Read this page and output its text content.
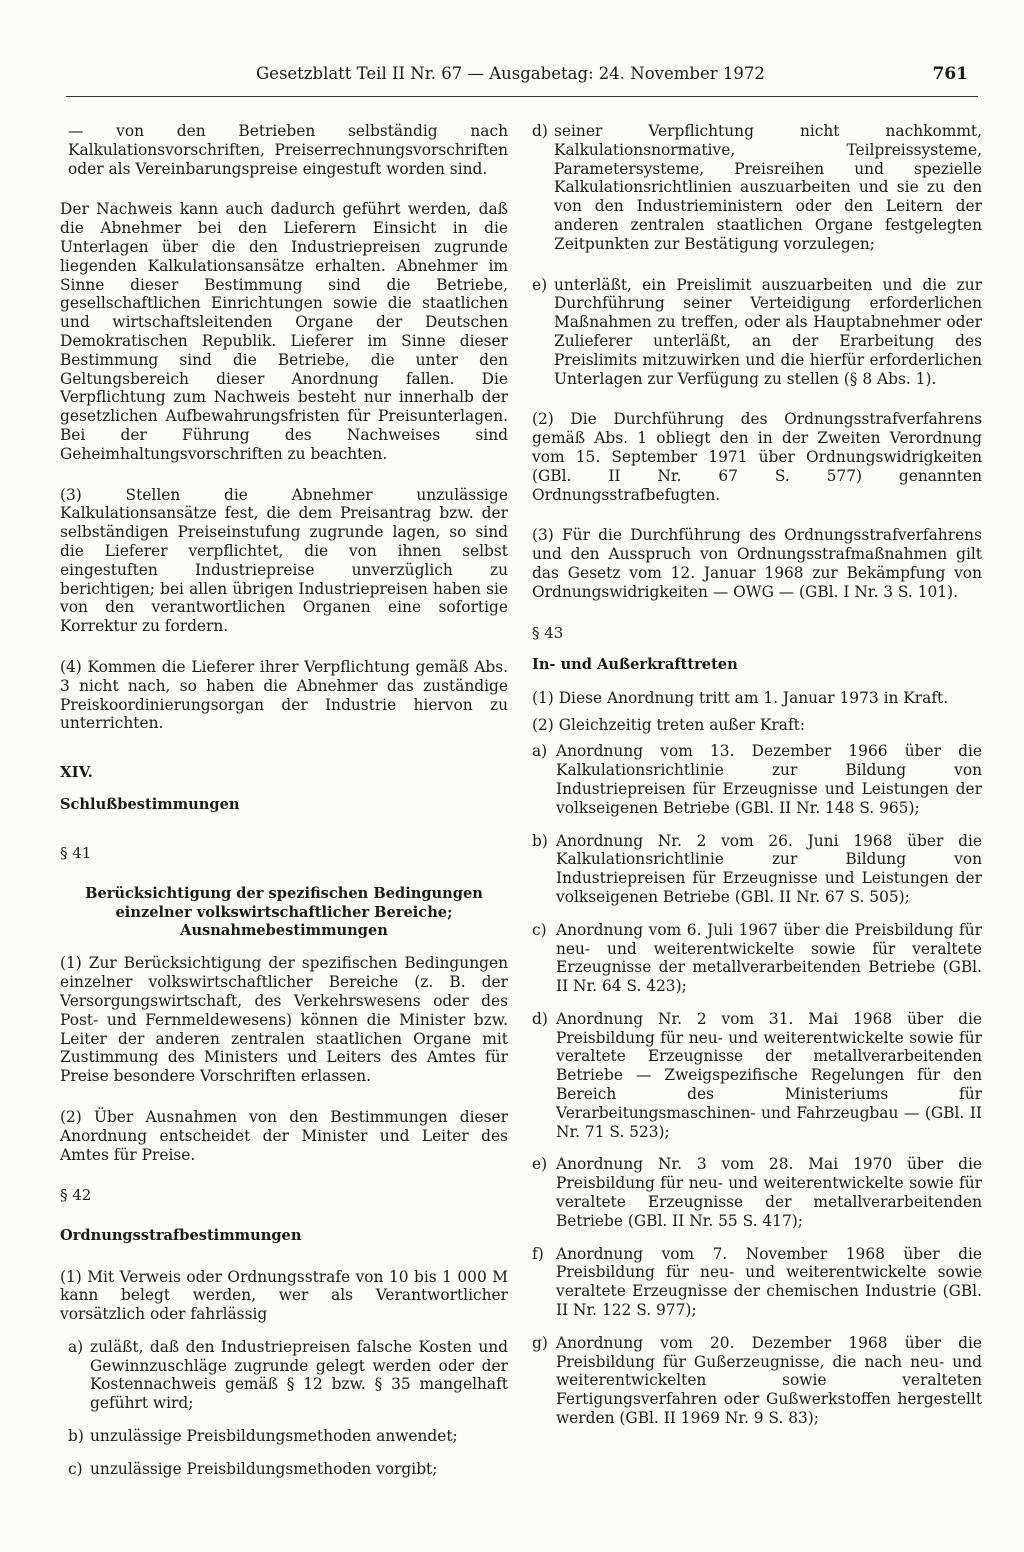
Gesetzblatt Teil II Nr. 67 — Ausgabetag: 24. November 1972	761

— von den Betrieben selbständig nach Kalkulationsvorschriften, Preiserrechnungsvorschriften oder als Vereinbarungspreise eingestuft worden sind.

Der Nachweis kann auch dadurch geführt werden, daß die Abnehmer bei den Lieferern Einsicht in die Unterlagen über die den Industriepreisen zugrunde liegenden Kalkulationsansätze erhalten. Abnehmer im Sinne dieser Bestimmung sind die Betriebe, gesellschaftlichen Einrichtungen sowie die staatlichen und wirtschaftsleitenden Organe der Deutschen Demokratischen Republik. Lieferer im Sinne dieser Bestimmung sind die Betriebe, die unter den Geltungsbereich dieser Anordnung fallen. Die Verpflichtung zum Nachweis besteht nur innerhalb der gesetzlichen Aufbewahrungsfristen für Preisunterlagen. Bei der Führung des Nachweises sind Geheimhaltungsvorschriften zu beachten.

(3) Stellen die Abnehmer unzulässige Kalkulationsansätze fest, die dem Preisantrag bzw. der selbständigen Preiseinstufung zugrunde lagen, so sind die Lieferer verpflichtet, die von ihnen selbst eingestuften Industriepreise unverzüglich zu berichtigen; bei allen übrigen Industriepreisen haben sie von den verantwortlichen Organen eine sofortige Korrektur zu fordern.

(4) Kommen die Lieferer ihrer Verpflichtung gemäß Abs. 3 nicht nach, so haben die Abnehmer das zuständige Preiskoordinierungsorgan der Industrie hiervon zu unterrichten.

XIV.

Schlußbestimmungen

§ 41

Berücksichtigung der spezifischen Bedingungen
einzelner volkswirtschaftlicher Bereiche;
Ausnahmebestimmungen

(1) Zur Berücksichtigung der spezifischen Bedingungen einzelner volkswirtschaftlicher Bereiche (z. B. der Versorgungswirtschaft, des Verkehrswesens oder des Post- und Fernmeldewesens) können die Minister bzw. Leiter der anderen zentralen staatlichen Organe mit Zustimmung des Ministers und Leiters des Amtes für Preise besondere Vorschriften erlassen.

(2) Über Ausnahmen von den Bestimmungen dieser Anordnung entscheidet der Minister und Leiter des Amtes für Preise.

§ 42

Ordnungsstrafbestimmungen

(1) Mit Verweis oder Ordnungsstrafe von 10 bis 1 000 M kann belegt werden, wer als Verantwortlicher vorsätzlich oder fahrlässig

a) zuläßt, daß den Industriepreisen falsche Kosten und Gewinnzuschläge zugrunde gelegt werden oder der Kostennachweis gemäß § 12 bzw. § 35 mangelhaft geführt wird;
b) unzulässige Preisbildungsmethoden anwendet;
c) unzulässige Preisbildungsmethoden vorgibt;
d) seiner Verpflichtung nicht nachkommt, Kalkulationsnormative, Teilpreissysteme, Parametersysteme, Preisreihen und spezielle Kalkulationsrichtlinien auszuarbeiten und sie zu den von den Industrieministern oder den Leitern der anderen zentralen staatlichen Organe festgelegten Zeitpunkten zur Bestätigung vorzulegen;
e) unterläßt, ein Preislimit auszuarbeiten und die zur Durchführung seiner Verteidigung erforderlichen Maßnahmen zu treffen, oder als Hauptabnehmer oder Zulieferer unterläßt, an der Erarbeitung des Preislimits mitzuwirken und die hierfür erforderlichen Unterlagen zur Verfügung zu stellen (§ 8 Abs. 1).

(2) Die Durchführung des Ordnungsstrafverfahrens gemäß Abs. 1 obliegt den in der Zweiten Verordnung vom 15. September 1971 über Ordnungswidrigkeiten (GBl. II Nr. 67 S. 577) genannten Ordnungsstrafbefugten.

(3) Für die Durchführung des Ordnungsstrafverfahrens und den Ausspruch von Ordnungsstrafmaßnahmen gilt das Gesetz vom 12. Januar 1968 zur Bekämpfung von Ordnungswidrigkeiten — OWG — (GBl. I Nr. 3 S. 101).

§ 43

In- und Außerkrafttreten

(1) Diese Anordnung tritt am 1. Januar 1973 in Kraft.

(2) Gleichzeitig treten außer Kraft:

a) Anordnung vom 13. Dezember 1966 über die Kalkulationsrichtlinie zur Bildung von Industriepreisen für Erzeugnisse und Leistungen der volkseigenen Betriebe (GBl. II Nr. 148 S. 965);
b) Anordnung Nr. 2 vom 26. Juni 1968 über die Kalkulationsrichtlinie zur Bildung von Industriepreisen für Erzeugnisse und Leistungen der volkseigenen Betriebe (GBl. II Nr. 67 S. 505);
c) Anordnung vom 6. Juli 1967 über die Preisbildung für neu- und weiterentwickelte sowie für veraltete Erzeugnisse der metallverarbeitenden Betriebe (GBl. II Nr. 64 S. 423);
d) Anordnung Nr. 2 vom 31. Mai 1968 über die Preisbildung für neu- und weiterentwickelte sowie für veraltete Erzeugnisse der metallverarbeitenden Betriebe — Zweigspezifische Regelungen für den Bereich des Ministeriums für Verarbeitungsmaschinen- und Fahrzeugbau — (GBl. II Nr. 71 S. 523);
e) Anordnung Nr. 3 vom 28. Mai 1970 über die Preisbildung für neu- und weiterentwickelte sowie für veraltete Erzeugnisse der metallverarbeitenden Betriebe (GBl. II Nr. 55 S. 417);
f) Anordnung vom 7. November 1968 über die Preisbildung für neu- und weiterentwickelte sowie veraltete Erzeugnisse der chemischen Industrie (GBl. II Nr. 122 S. 977);
g) Anordnung vom 20. Dezember 1968 über die Preisbildung für Gußerzeugnisse, die nach neu- und weiterentwickelten sowie veralteten Fertigungsverfahren oder Gußwerkstoffen hergestellt werden (GBl. II 1969 Nr. 9 S. 83);
